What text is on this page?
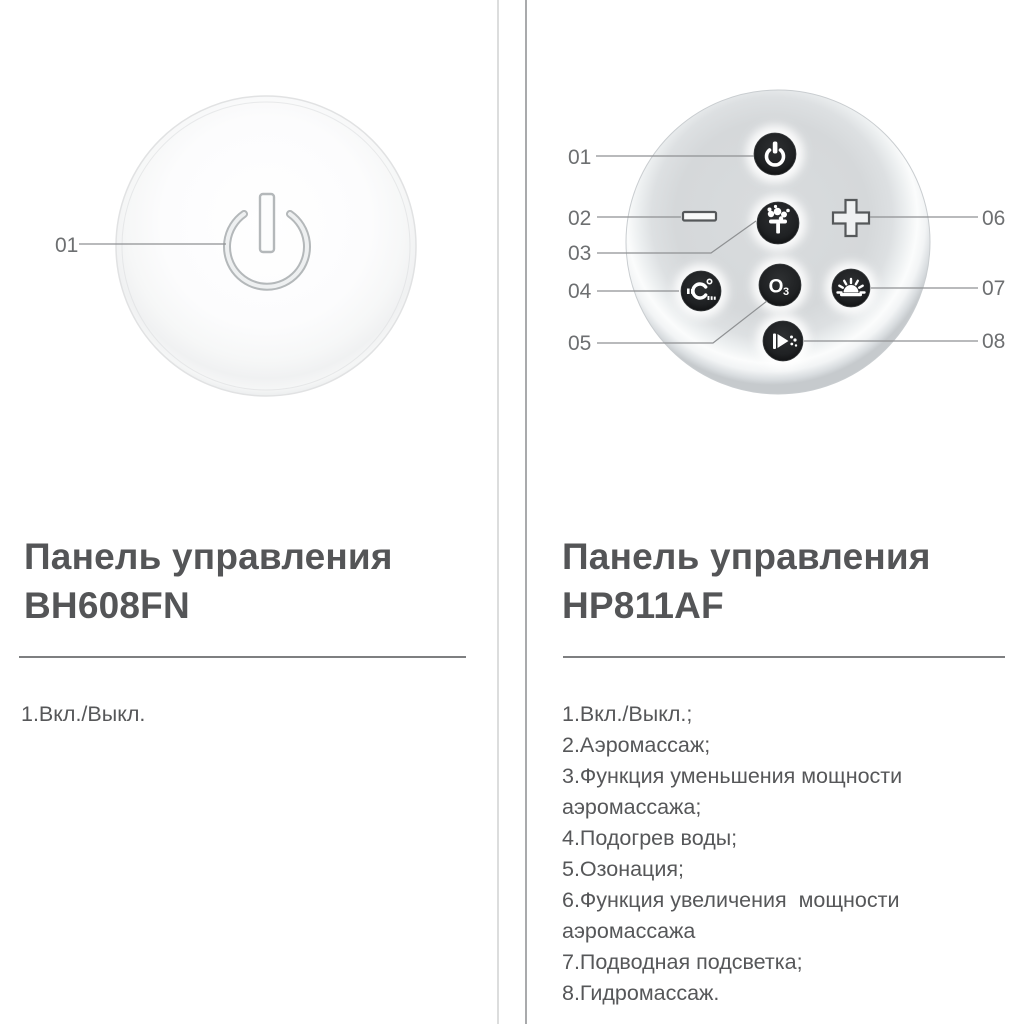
01
Панель управления
BH608FN
1.Вкл./Выкл.
O 3
01
02
03
04
05
06
07
08
Панель управления
HP811AF
1.Вкл./Выкл.;
2.Аэромассаж;
3.Функция уменьшения мощности аэромассажа;
4.Подогрев воды;
5.Озонация;
6.Функция увеличения  мощности аэромассажа
7.Подводная подсветка;
8.Гидромассаж.
